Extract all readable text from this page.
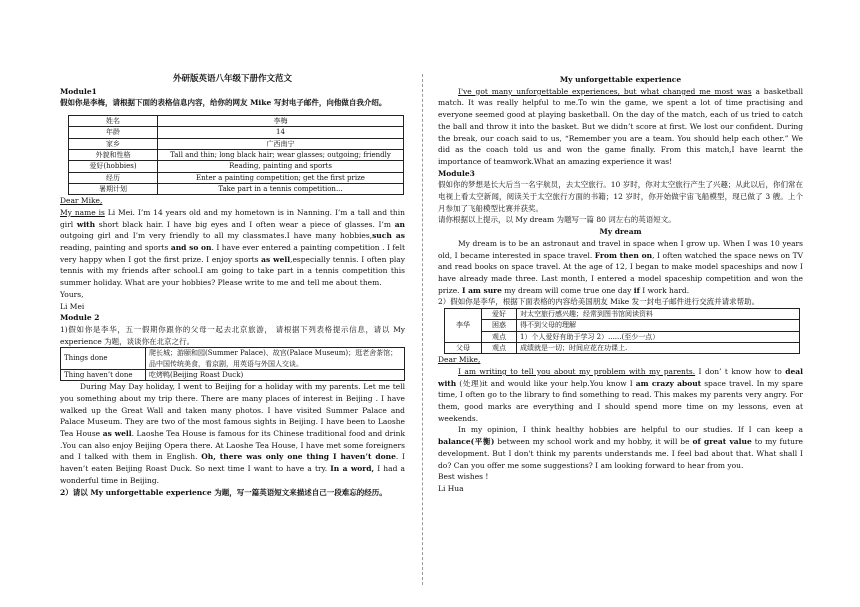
外研版英语八年级下册作文范文

Module1

假如你是李梅，请根据下面的表格信息内容，给你的网友 Mike 写封电子邮件，向他做自我介绍。

姓名	李梅
年龄	14
家乡	广西南宁
外貌和性格	Tall and thin; long black hair; wear glasses; outgoing; friendly
爱好(hobbies)	Reading, painting and sports
经历	Enter a painting competition; get the first prize
暑期计划	Take part in a tennis competition...

Dear Mike,

My name is Li Mei. I’m 14 years old and my hometown is in Nanning. I’m a tall and thin girl with short black hair. I have big eyes and I often wear a piece of glasses. I’m an outgoing girl and I’m very friendly to all my classmates.I have many hobbies,such as reading, painting and sports and so on. I have ever entered a painting competition . I felt very happy when I got the first prize. I enjoy sports as well,especially tennis. I often play tennis with my friends after school.I am going to take part in a tennis competition this summer holiday. What are your hobbies? Please write to me and tell me about them.

Yours,

Li Mei

Module 2

1)假如你是李华，五一假期你跟你的父母一起去北京旅游， 请根据下列表格提示信息，请以 My experience 为题，谈谈你在北京之行。

Things done	爬长城；游颐和园(Summer Palace)、故宫(Palace Museum)；逛老舍茶馆；品中国传统美食，看京剧，用英语与外国人交谈。
Thing haven’t done	吃烤鸭(Beijing Roast Duck)

During May Day holiday, I went to Beijing for a holiday with my parents. Let me tell you something about my trip there. There are many places of interest in Beijing . I have walked up the Great Wall and taken many photos. I have visited Summer Palace and Palace Museum. They are two of the most famous sights in Beijing. I have been to Laoshe Tea House as well. Laoshe Tea House is famous for its Chinese traditional food and drink .You can also enjoy Beijing Opera there. At Laoshe Tea House, I have met some foreigners and I talked with them in English. Oh, there was only one thing I haven’t done. I haven’t eaten Beijing Roast Duck. So next time I want to have a try. In a word, I had a wonderful time in Beijing.

2）请以 My unforgettable experience 为题，写一篇英语短文来描述自己一段难忘的经历。

My unforgettable experience

I've got many unforgettable experiences, but what changed me most was a basketball match. It was really helpful to me.To win the game, we spent a lot of time practising and everyone seemed good at playing basketball. On the day of the match, each of us tried to catch the ball and throw it into the basket. But we didn’t score at first. We lost our confident. During the break, our coach said to us, “Remember you are a team. You should help each other.” We did as the coach told us and won the game finally. From this match,I have learnt the importance of teamwork.What an amazing experience it was!

Module3

假如你的梦想是长大后当一名宇航员，去太空旅行。10 岁时，你对太空旅行产生了兴趣；从此以后，你们常在电视上看太空新闻，阅读关于太空旅行方面的书籍；12 岁时，你开始做宇宙飞船模型，现已做了 3 艘。上个月参加了飞船模型比赛并获奖。

请你根据以上提示，以 My dream 为题写一篇 80 词左右的英语短文。

My dream

My dream is to be an astronaut and travel in space when I grow up. When I was 10 years old, I became interested in space travel. From then on, I often watched the space news on TV and read books on space travel. At the age of 12, I began to make model spaceships and now I have already made three. Last month, I entered a model spaceship competition and won the prize. I am sure my dream will come true one day if I work hard.

2）假如你是李华，根据下面表格的内容给美国朋友 Mike 发一封电子邮件进行交流并请求帮助。

李华	爱好	对太空旅行感兴趣；经常到图书馆阅读资料
	困惑	得不到父母的理解
	观点	1）个人爱好有助于学习 2）......(至少一点）
父母	观点	成绩就是一切；时间应花在功课上.

Dear Mike,

I am writing to tell you about my problem with my parents. I don’ t know how to deal with (处理)it and would like your help.You know I am crazy about space travel. In my spare time, I often go to the library to find something to read. This makes my parents very angry. For them, good marks are everything and I should spend more time on my lessons, even at weekends.

In my opinion, I think healthy hobbies are helpful to our studies. If I can keep a balance(平衡) between my school work and my hobby, it will be of great value to my future development. But I don't think my parents understands me. I feel bad about that. What shall I do? Can you offer me some suggestions? I am looking forward to hear from you.

Best wishes !

Li Hua
